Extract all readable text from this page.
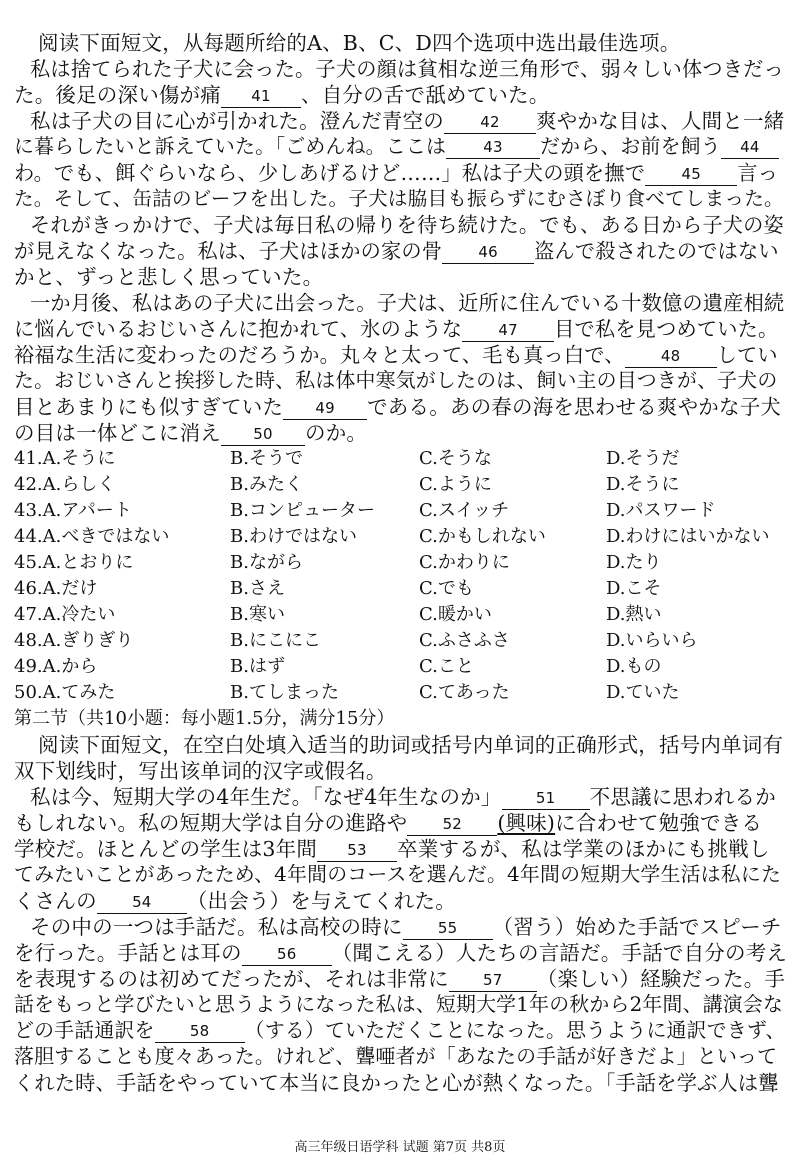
阅读下面短文，从每题所给的A、B、C、D四个选项中选出最佳选项。
私は捨てられた子犬に会った。子犬の顔は貧相な逆三角形で、弱々しい体つきだっ
た。後足の深い傷が痛 41 、自分の舌で舐めていた。
私は子犬の目に心が引かれた。澄んだ青空の 42 爽やかな目は、人間と一緒
に暮らしたいと訴えていた。「ごめんね。ここは 43 だから、お前を飼う 44
わ。でも、餌ぐらいなら、少しあげるけど……」私は子犬の頭を撫で 45 言っ
た。そして、缶詰のビーフを出した。子犬は脇目も振らずにむさぼり食べてしまった。
それがきっかけで、子犬は毎日私の帰りを待ち続けた。でも、ある日から子犬の姿
が見えなくなった。私は、子犬はほかの家の骨 46 盗んで殺されたのではない
かと、ずっと悲しく思っていた。
一か月後、私はあの子犬に出会った。子犬は、近所に住んでいる十数億の遺産相続
に悩んでいるおじいさんに抱かれて、氷のような 47 目で私を見つめていた。
裕福な生活に変わったのだろうか。丸々と太って、毛も真っ白で、 48 してい
た。おじいさんと挨拶した時、私は体中寒気がしたのは、飼い主の目つきが、子犬の
目とあまりにも似すぎていた 49 である。あの春の海を思わせる爽やかな子犬
の目は一体どこに消え 50 のか。
41.A.そうに	B.そうで	C.そうな	D.そうだ
42.A.らしく	B.みたく	C.ように	D.そうに
43.A.アパート	B.コンピューター C.スイッチ	D.パスワード
44.A.べきではない	B.わけではない	C.かもしれない	D.わけにはいかない
45.A.とおりに	B.ながら	C.かわりに	D.たり
46.A.だけ	B.さえ	C.でも	D.こそ
47.A.冷たい	B.寒い	C.暖かい	D.熱い
48.A.ぎりぎり	B.にこにこ	C.ふさふさ	D.いらいら
49.A.から	B.はず	C.こと	D.もの
50.A.てみた	B.てしまった	C.てあった	D.ていた
第二节（共10小题：每小题1.5分，满分15分）
阅读下面短文，在空白处填入适当的助词或括号内单词的正确形式，括号内单词有
双下划线时，写出该单词的汉字或假名。
私は今、短期大学の4年生だ。「なぜ4年生なのか」 51 不思議に思われるか
もしれない。私の短期大学は自分の進路や 52 (興味)に合わせて勉強できる
学校だ。ほとんどの学生は3年間 53 卒業するが、私は学業のほかにも挑戦し
てみたいことがあったため、4年間のコースを選んだ。4年間の短期大学生活は私にた
くさんの 54 （出会う）を与えてくれた。
その中の一つは手話だ。私は高校の時に 55 （習う）始めた手話でスピーチ
を行った。手話とは耳の 56 （聞こえる）人たちの言語だ。手話で自分の考え
を表現するのは初めてだったが、それは非常に 57 （楽しい）経験だった。手
話をもっと学びたいと思うようになった私は、短期大学1年の秋から2年間、講演会な
どの手話通訳を 58 （する）ていただくことになった。思うように通訳できず、
落胆することも度々あった。けれど、聾唖者が「あなたの手話が好きだよ」といって
くれた時、手話をやっていて本当に良かったと心が熱くなった。「手話を学ぶ人は聾
高三年级日语学科 试题 第7页 共8页
